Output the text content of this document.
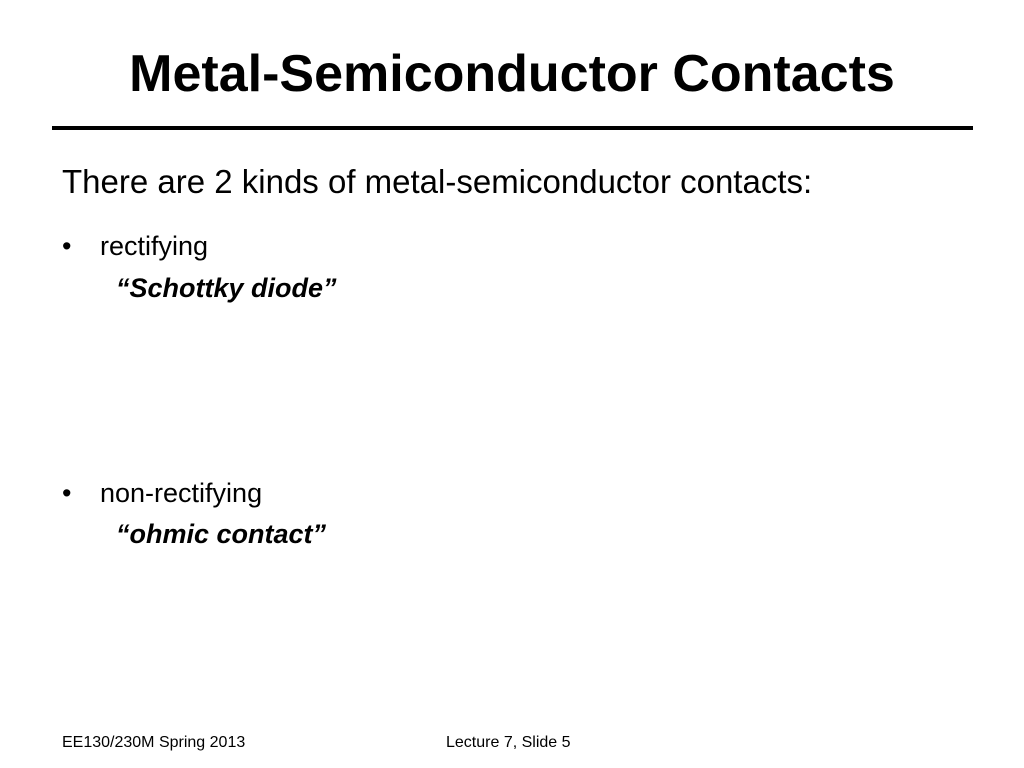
Metal-Semiconductor Contacts
There are 2 kinds of metal-semiconductor contacts:
• rectifying
“Schottky diode”
• non-rectifying
“ohmic contact”
EE130/230M Spring 2013	Lecture 7, Slide 5
